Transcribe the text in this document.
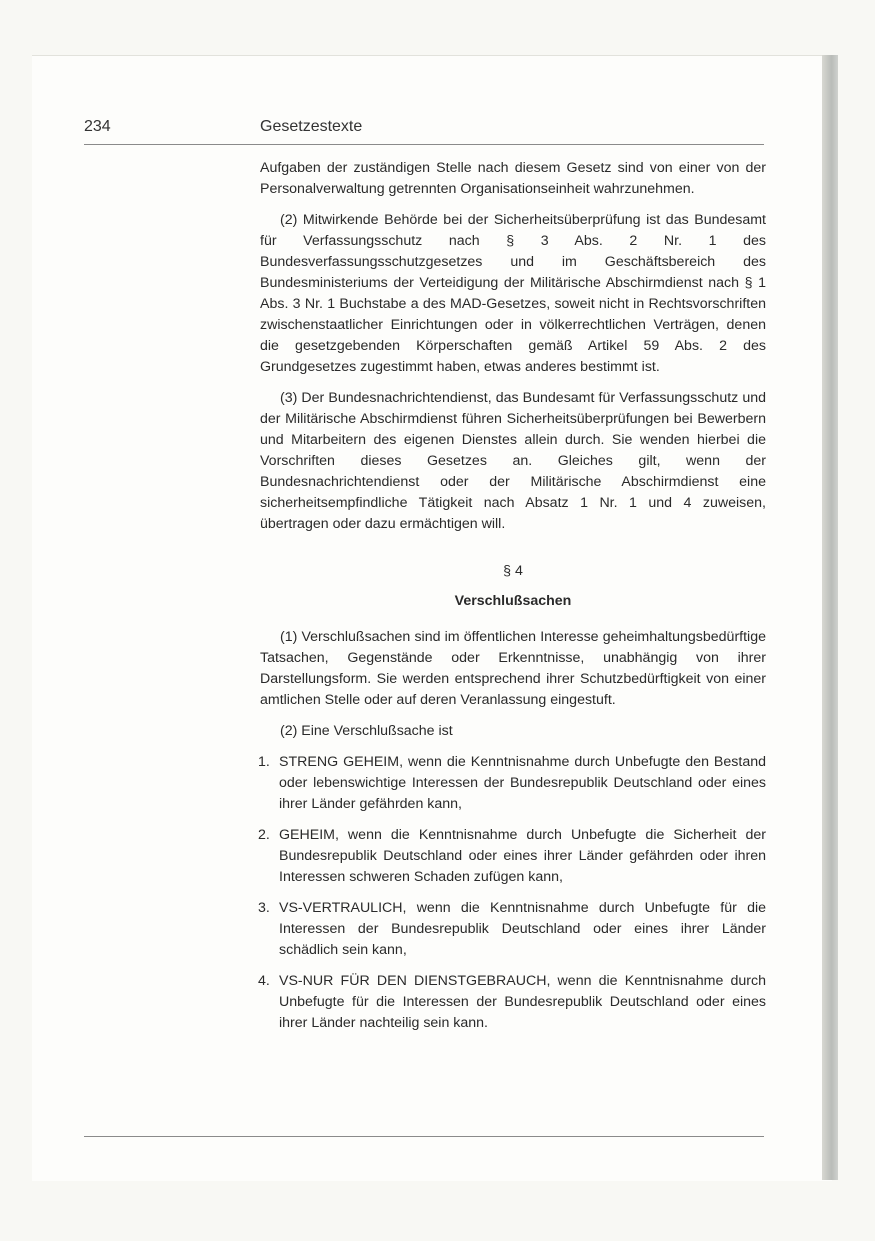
234	Gesetzestexte

Aufgaben der zuständigen Stelle nach diesem Gesetz sind von einer von der Personalverwaltung getrennten Organisationseinheit wahrzunehmen.

(2) Mitwirkende Behörde bei der Sicherheitsüberprüfung ist das Bundesamt für Verfassungsschutz nach § 3 Abs. 2 Nr. 1 des Bundesverfassungsschutzgesetzes und im Geschäftsbereich des Bundesministeriums der Verteidigung der Militärische Abschirmdienst nach § 1 Abs. 3 Nr. 1 Buchstabe a des MAD-Gesetzes, soweit nicht in Rechtsvorschriften zwischenstaatlicher Einrichtungen oder in völkerrechtlichen Verträgen, denen die gesetzgebenden Körperschaften gemäß Artikel 59 Abs. 2 des Grundgesetzes zugestimmt haben, etwas anderes bestimmt ist.

(3) Der Bundesnachrichtendienst, das Bundesamt für Verfassungsschutz und der Militärische Abschirmdienst führen Sicherheitsüberprüfungen bei Bewerbern und Mitarbeitern des eigenen Dienstes allein durch. Sie wenden hierbei die Vorschriften dieses Gesetzes an. Gleiches gilt, wenn der Bundesnachrichtendienst oder der Militärische Abschirmdienst eine sicherheitsempfindliche Tätigkeit nach Absatz 1 Nr. 1 und 4 zuweisen, übertragen oder dazu ermächtigen will.

§ 4
Verschlußsachen

(1) Verschlußsachen sind im öffentlichen Interesse geheimhaltungsbedürftige Tatsachen, Gegenstände oder Erkenntnisse, unabhängig von ihrer Darstellungsform. Sie werden entsprechend ihrer Schutzbedürftigkeit von einer amtlichen Stelle oder auf deren Veranlassung eingestuft.

(2) Eine Verschlußsache ist

1. STRENG GEHEIM, wenn die Kenntnisnahme durch Unbefugte den Bestand oder lebenswichtige Interessen der Bundesrepublik Deutschland oder eines ihrer Länder gefährden kann,
2. GEHEIM, wenn die Kenntnisnahme durch Unbefugte die Sicherheit der Bundesrepublik Deutschland oder eines ihrer Länder gefährden oder ihren Interessen schweren Schaden zufügen kann,
3. VS-VERTRAULICH, wenn die Kenntnisnahme durch Unbefugte für die Interessen der Bundesrepublik Deutschland oder eines ihrer Länder schädlich sein kann,
4. VS-NUR FÜR DEN DIENSTGEBRAUCH, wenn die Kenntnisnahme durch Unbefugte für die Interessen der Bundesrepublik Deutschland oder eines ihrer Länder nachteilig sein kann.
